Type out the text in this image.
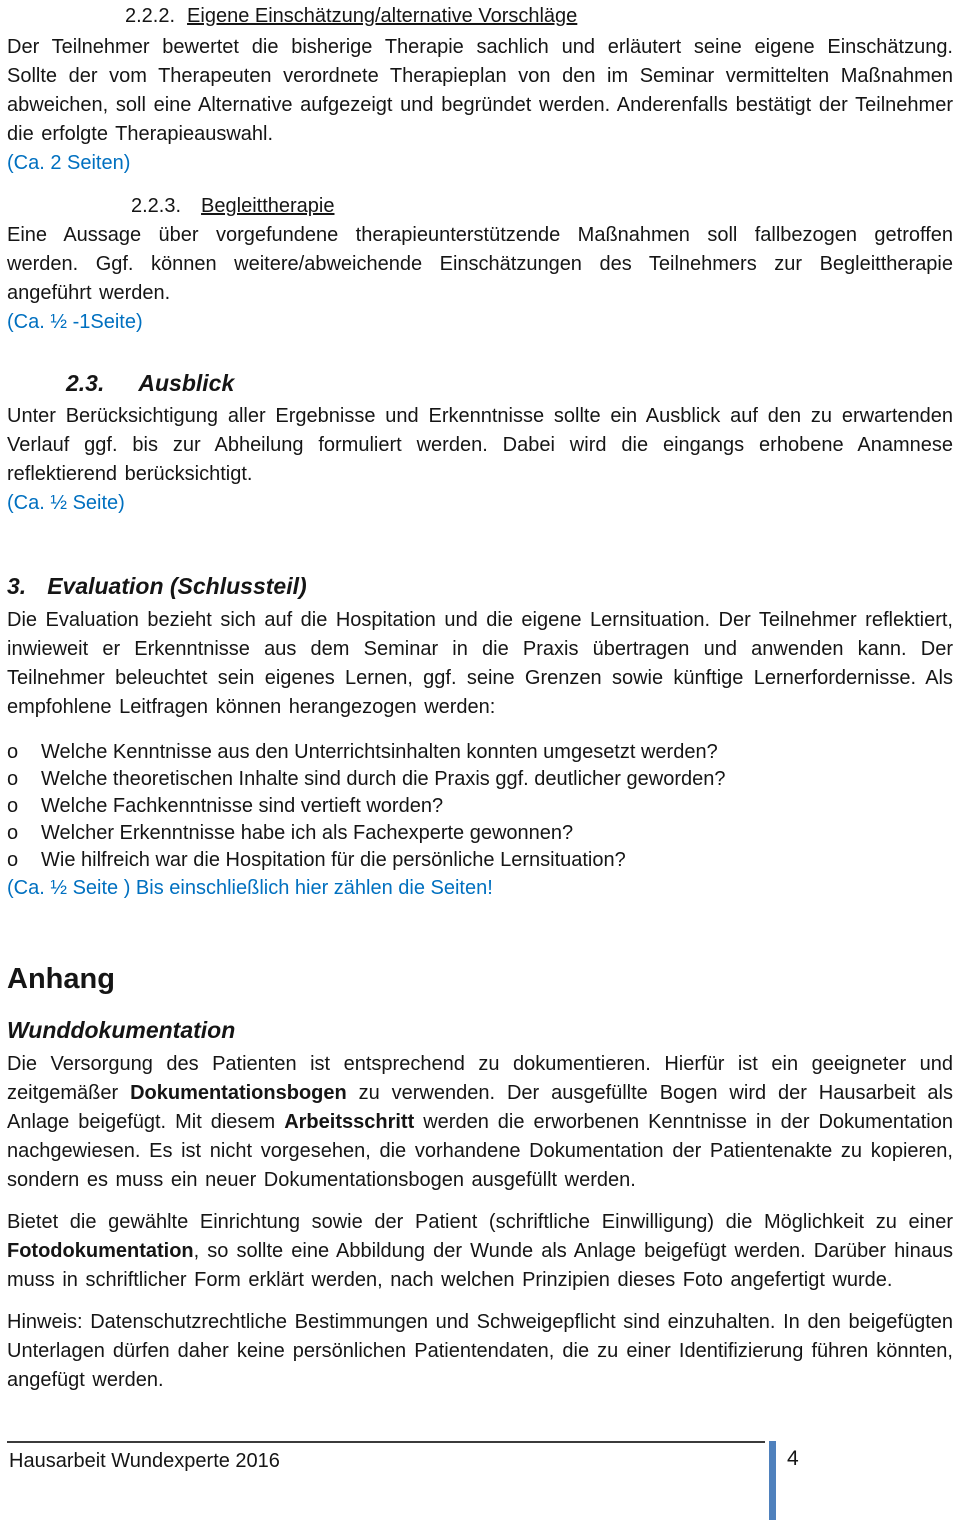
2.2.2. Eigene Einschätzung/alternative Vorschläge

Der Teilnehmer bewertet die bisherige Therapie sachlich und erläutert seine eigene Einschätzung. Sollte der vom Therapeuten verordnete Therapieplan von den im Seminar vermittelten Maßnahmen abweichen, soll eine Alternative aufgezeigt und begründet werden. Anderenfalls bestätigt der Teilnehmer die erfolgte Therapieauswahl.

(Ca. 2 Seiten)

2.2.3. Begleittherapie

Eine Aussage über vorgefundene therapieunterstützende Maßnahmen soll fallbezogen getroffen werden. Ggf. können weitere/abweichende Einschätzungen des Teilnehmers zur Begleittherapie angeführt werden.

(Ca. ½ -1Seite)

2.3. Ausblick

Unter Berücksichtigung aller Ergebnisse und Erkenntnisse sollte ein Ausblick auf den zu erwartenden Verlauf ggf. bis zur Abheilung formuliert werden. Dabei wird die eingangs erhobene Anamnese reflektierend berücksichtigt.

(Ca. ½ Seite)

3. Evaluation (Schlussteil)

Die Evaluation bezieht sich auf die Hospitation und die eigene Lernsituation. Der Teilnehmer reflektiert, inwieweit er Erkenntnisse aus dem Seminar in die Praxis übertragen und anwenden kann. Der Teilnehmer beleuchtet sein eigenes Lernen, ggf. seine Grenzen sowie künftige Lernerfordernisse. Als empfohlene Leitfragen können herangezogen werden:

o	Welche Kenntnisse aus den Unterrichtsinhalten konnten umgesetzt werden?
o	Welche theoretischen Inhalte sind durch die Praxis ggf. deutlicher geworden?
o	Welche Fachkenntnisse sind vertieft worden?
o	Welcher Erkenntnisse habe ich als Fachexperte gewonnen?
o	Wie hilfreich war die Hospitation für die persönliche Lernsituation?

(Ca. ½ Seite ) Bis einschließlich hier zählen die Seiten!

Anhang
Wunddokumentation

Die Versorgung des Patienten ist entsprechend zu dokumentieren. Hierfür ist ein geeigneter und zeitgemäßer Dokumentationsbogen zu verwenden. Der ausgefüllte Bogen wird der Hausarbeit als Anlage beigefügt. Mit diesem Arbeitsschritt werden die erworbenen Kenntnisse in der Dokumentation nachgewiesen. Es ist nicht vorgesehen, die vorhandene Dokumentation der Patientenakte zu kopieren, sondern es muss ein neuer Dokumentationsbogen ausgefüllt werden.

Bietet die gewählte Einrichtung sowie der Patient (schriftliche Einwilligung) die Möglichkeit zu einer Fotodokumentation, so sollte eine Abbildung der Wunde als Anlage beigefügt werden. Darüber hinaus muss in schriftlicher Form erklärt werden, nach welchen Prinzipien dieses Foto angefertigt wurde.

Hinweis: Datenschutzrechtliche Bestimmungen und Schweigepflicht sind einzuhalten. In den beigefügten Unterlagen dürfen daher keine persönlichen Patientendaten, die zu einer Identifizierung führen könnten, angefügt werden.

Hausarbeit Wundexperte 2016	4
